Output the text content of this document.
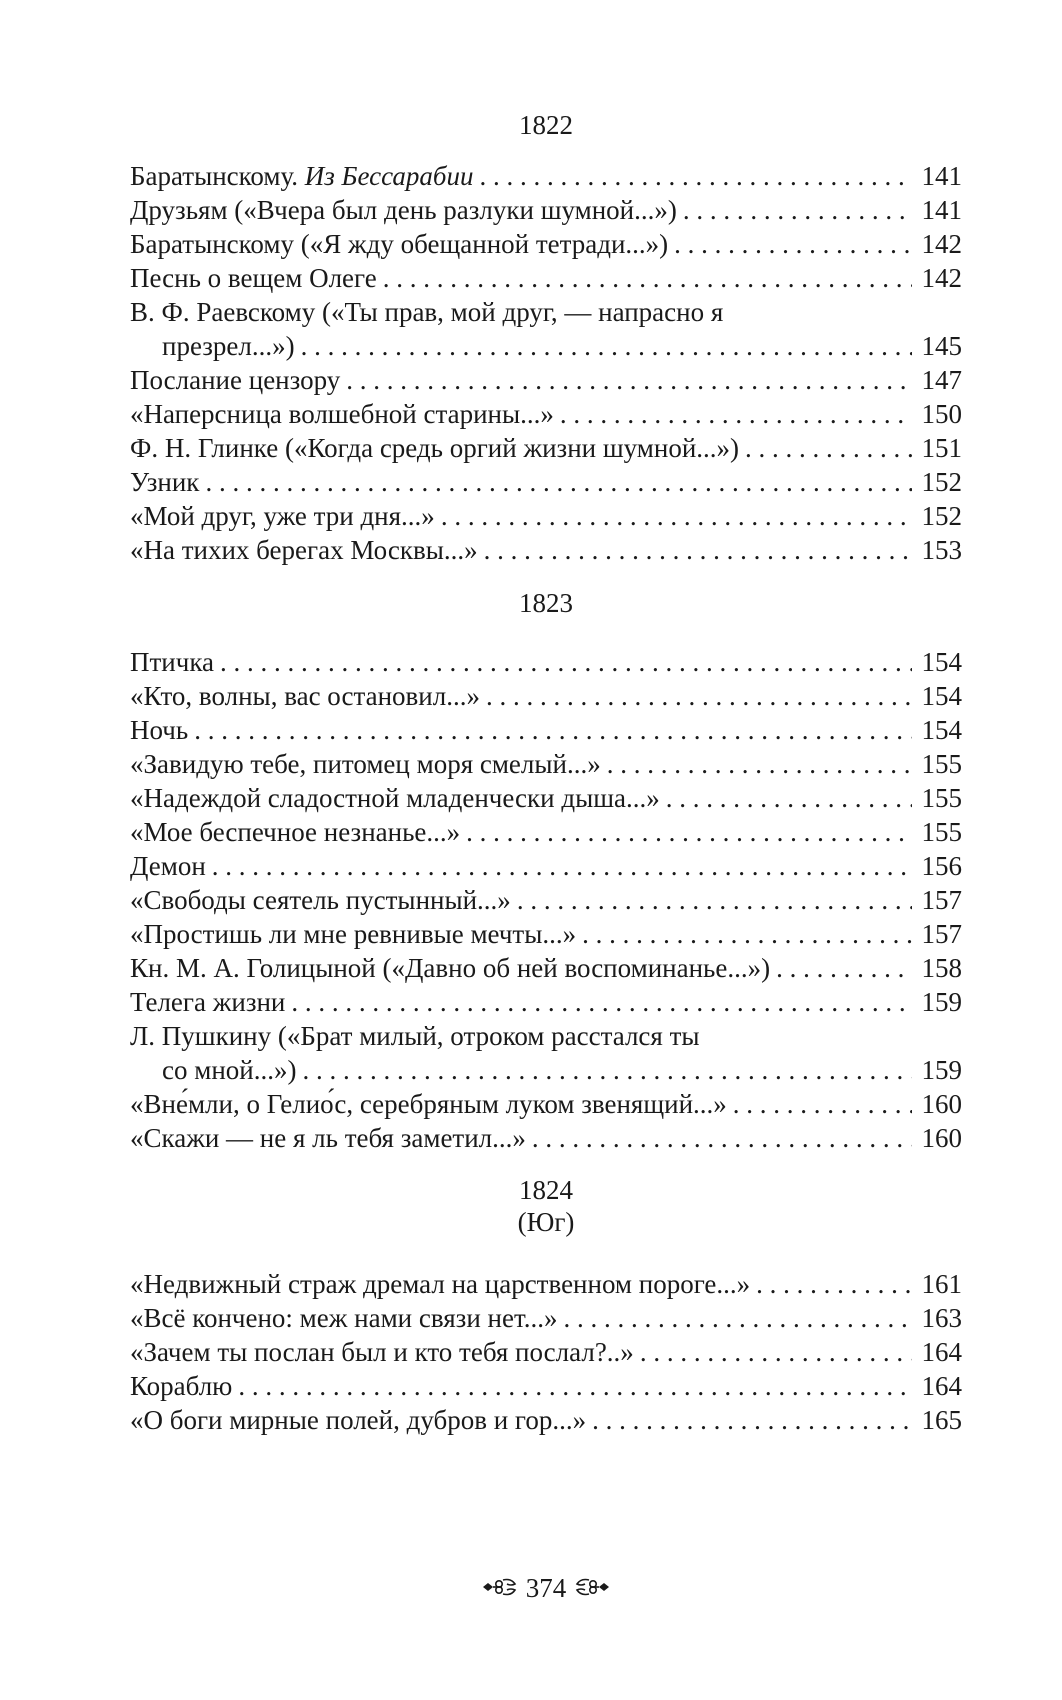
1822
Баратынскому. Из Бессарабии . . .	141
Друзьям («Вчера был день разлуки шумной...») . . .	141
Баратынскому («Я жду обещанной тетради...») . . .	142
Песнь о вещем Олеге . . .	142
В. Ф. Раевскому («Ты прав, мой друг, — напрасно я
презрел...») . . .	145
Послание цензору . . .	147
«Наперсница волшебной старины...» . . .	150
Ф. Н. Глинке («Когда средь оргий жизни шумной...») . . .	151
Узник . . .	152
«Мой друг, уже три дня...» . . .	152
«На тихих берегах Москвы...» . . .	153
1823
Птичка . . .	154
«Кто, волны, вас остановил...» . . .	154
Ночь . . .	154
«Завидую тебе, питомец моря смелый...» . . .	155
«Надеждой сладостной младенчески дыша...» . . .	155
«Мое беспечное незнанье...» . . .	155
Демон . . .	156
«Свободы сеятель пустынный...» . . .	157
«Простишь ли мне ревнивые мечты...» . . .	157
Кн. М. А. Голицыной («Давно об ней воспоминанье...») . . .	158
Телега жизни . . .	159
Л. Пушкину («Брат милый, отроком расстался ты
со мной...») . . .	159
«Вне́мли, о Гелио́с, серебряным луком звенящий...» . . .	160
«Скажи — не я ль тебя заметил...» . . .	160
1824
(Юг)
«Недвижный страж дремал на царственном пороге...» . . .	161
«Всё кончено: меж нами связи нет...» . . .	163
«Зачем ты послан был и кто тебя послал?..» . . .	164
Кораблю . . .	164
«О боги мирные полей, дубров и гор...» . . .	165
374
